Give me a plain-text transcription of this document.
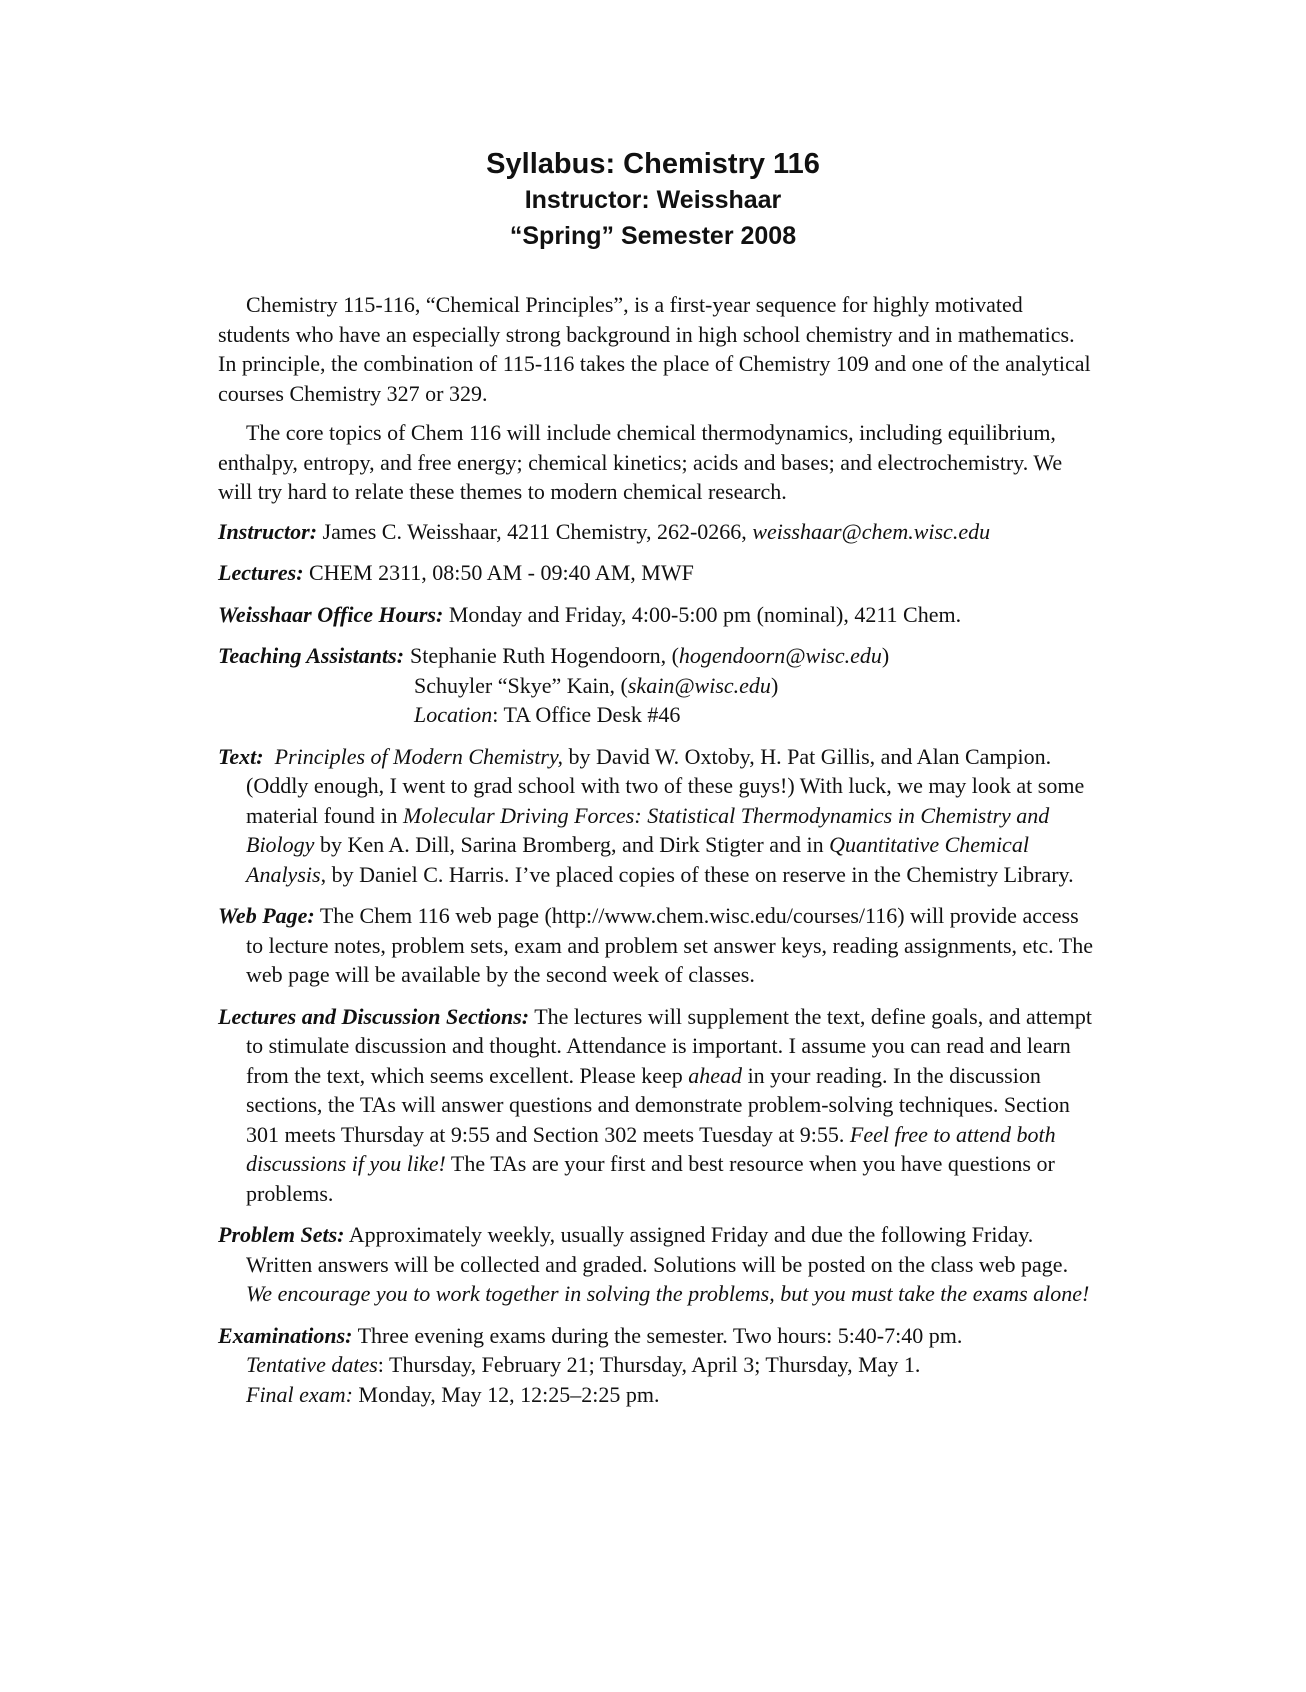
Syllabus: Chemistry 116
Instructor: Weisshaar
“Spring” Semester 2008

Chemistry 115-116, “Chemical Principles”, is a first-year sequence for highly motivated students who have an especially strong background in high school chemistry and in mathematics. In principle, the combination of 115-116 takes the place of Chemistry 109 and one of the analytical courses Chemistry 327 or 329.

The core topics of Chem 116 will include chemical thermodynamics, including equilibrium, enthalpy, entropy, and free energy; chemical kinetics; acids and bases; and electrochemistry. We will try hard to relate these themes to modern chemical research.

Instructor: James C. Weisshaar, 4211 Chemistry, 262-0266, weisshaar@chem.wisc.edu
Lectures: CHEM 2311, 08:50 AM - 09:40 AM, MWF
Weisshaar Office Hours: Monday and Friday, 4:00-5:00 pm (nominal), 4211 Chem.
Teaching Assistants: Stephanie Ruth Hogendoorn, (hogendoorn@wisc.edu)
Schuyler “Skye” Kain, (skain@wisc.edu)
Location: TA Office Desk #46
Text: Principles of Modern Chemistry, by David W. Oxtoby, H. Pat Gillis, and Alan Campion. (Oddly enough, I went to grad school with two of these guys!) With luck, we may look at some material found in Molecular Driving Forces: Statistical Thermodynamics in Chemistry and Biology by Ken A. Dill, Sarina Bromberg, and Dirk Stigter and in Quantitative Chemical Analysis, by Daniel C. Harris. I’ve placed copies of these on reserve in the Chemistry Library.
Web Page: The Chem 116 web page (http://www.chem.wisc.edu/courses/116) will provide access to lecture notes, problem sets, exam and problem set answer keys, reading assignments, etc. The web page will be available by the second week of classes.
Lectures and Discussion Sections: The lectures will supplement the text, define goals, and attempt to stimulate discussion and thought. Attendance is important. I assume you can read and learn from the text, which seems excellent. Please keep ahead in your reading. In the discussion sections, the TAs will answer questions and demonstrate problem-solving techniques. Section 301 meets Thursday at 9:55 and Section 302 meets Tuesday at 9:55. Feel free to attend both discussions if you like! The TAs are your first and best resource when you have questions or problems.
Problem Sets: Approximately weekly, usually assigned Friday and due the following Friday. Written answers will be collected and graded. Solutions will be posted on the class web page. We encourage you to work together in solving the problems, but you must take the exams alone!
Examinations: Three evening exams during the semester. Two hours: 5:40-7:40 pm.
Tentative dates: Thursday, February 21; Thursday, April 3; Thursday, May 1.
Final exam: Monday, May 12, 12:25–2:25 pm.
